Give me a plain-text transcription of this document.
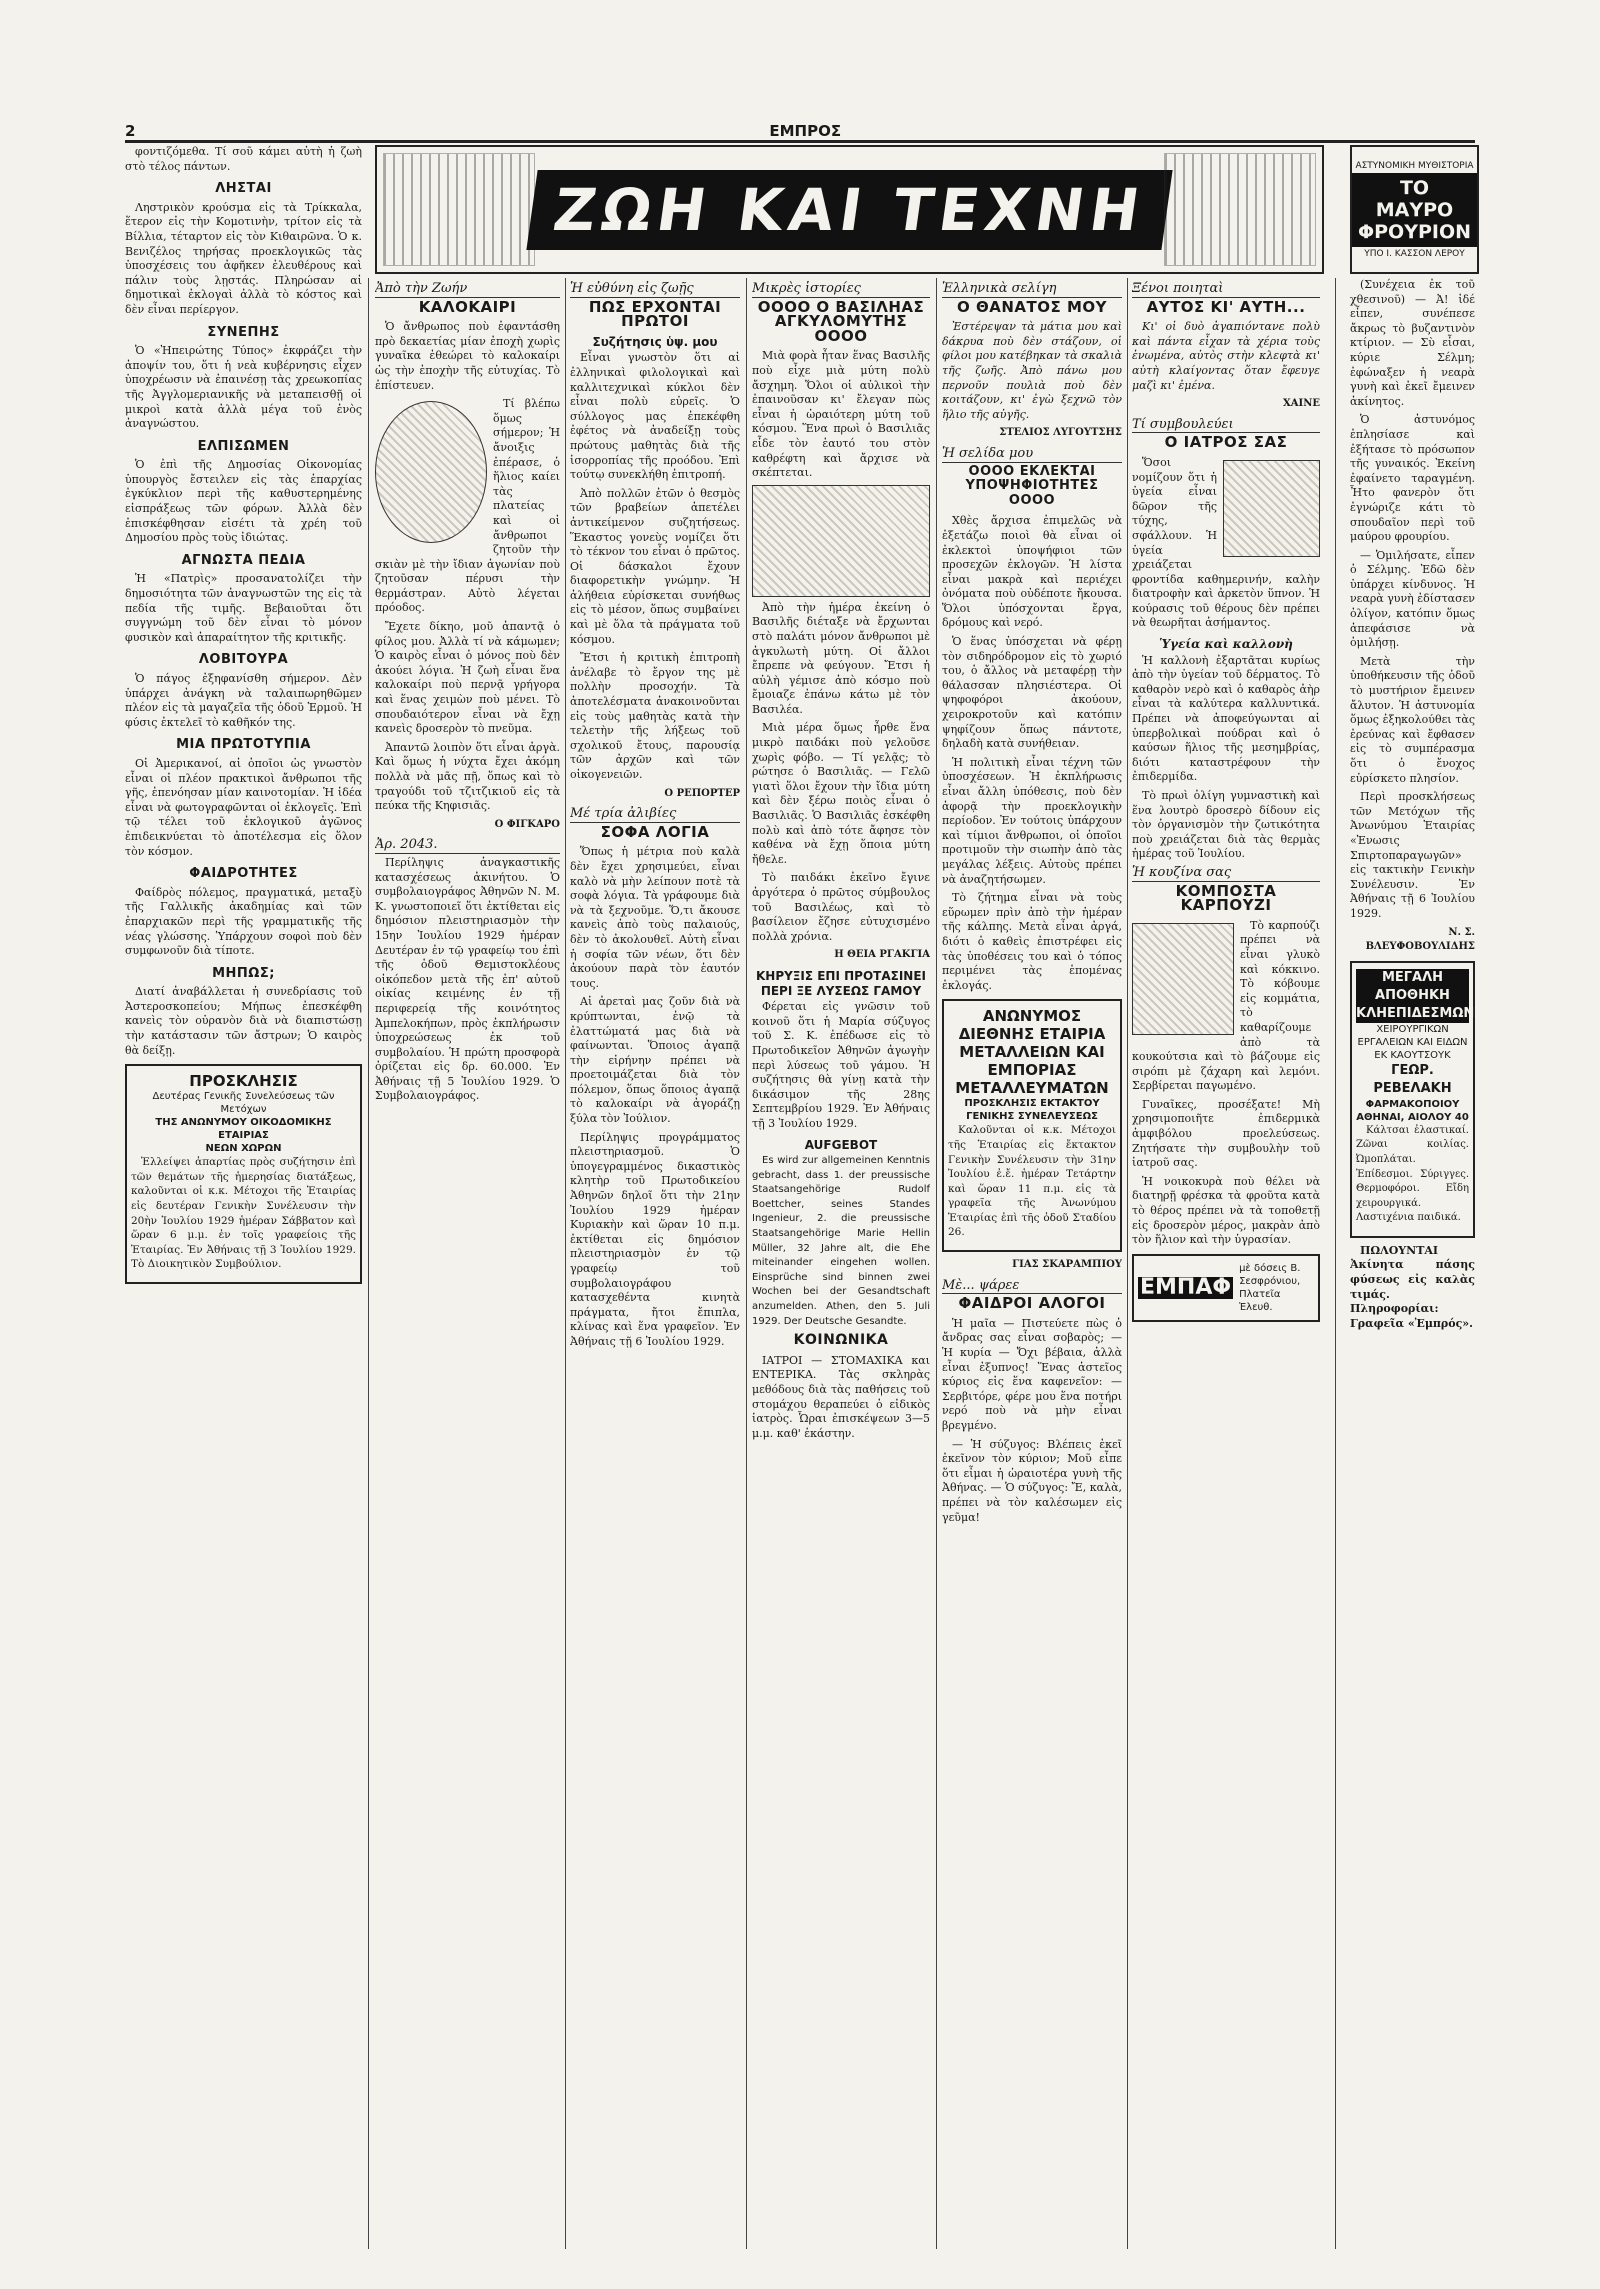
2	ΕΜΠΡΟΣ
ΖΩΗ ΚΑΙ ΤΕΧΝΗ
ΑΣΤΥΝΟΜΙΚΗ ΜΥΘΙΣΤΟΡΙΑ
ΤΟ ΜΑΥΡΟ ΦΡΟΥΡΙΟΝ
ΥΠΟ Ι. ΚΑΣΣΟΝ ΛΕΡΟΥ

φοντιζόμεθα. Τί σοῦ κάμει αὐτὴ ἡ ζωὴ στὸ τέλος πάντων.

ΛΗΣΤΑΙ

Ληστρικὸν κρούσμα εἰς τὰ Τρίκκαλα, ἕτερον εἰς τὴν Κομοτινὴν, τρίτον εἰς τὰ Βίλλια, τέταρτον εἰς τὸν Κιθαιρῶνα. Ὁ κ. Βενιζέλος τηρήσας προεκλογικῶς τὰς ὑποσχέσεις του ἀφῆκεν ἐλευθέρους καὶ πάλιν τοὺς λῃστάς. Πληρώσαν αἱ δημοτικαὶ ἐκλογαὶ ἀλλὰ τὸ κόστος καὶ δὲν εἶναι περίεργον.

ΣΥΝΕΠΗΣ

Ὁ «Ἠπειρώτης Τύπος» ἐκφράζει τὴν ἀποψίν του, ὅτι ἡ νεὰ κυβέρνησις εἶχεν ὑποχρέωσιν νὰ ἐπαινέσῃ τὰς χρεωκοπίας τῆς Ἀγγλομεριανικῆς νὰ μεταπεισθῇ οἱ μικροὶ κατὰ ἀλλὰ μέγα τοῦ ἐνὸς ἀναγνώστου.

ΕΛΠΙΣΩΜΕΝ

Ὁ ἐπὶ τῆς Δημοσίας Οἰκονομίας ὑπουργὸς ἔστειλεν εἰς τὰς ἐπαρχίας ἐγκύκλιον περὶ τῆς καθυστερημένης εἰσπράξεως τῶν φόρων. Ἀλλὰ δὲν ἐπισκέφθησαν εἰσέτι τὰ χρέη τοῦ Δημοσίου πρὸς τοὺς ἰδιώτας.

ΑΓΝΩΣΤΑ ΠΕΔΙΑ

Ἡ «Πατρὶς» προσανατολίζει τὴν δημοσιότητα τῶν ἀναγνωστῶν της εἰς τὰ πεδία τῆς τιμῆς. Βεβαιοῦται ὅτι συγγνώμη τοῦ δὲν εἶναι τὸ μόνον φυσικὸν καὶ ἀπαραίτητον τῆς κριτικῆς.

ΛΟΒΙΤΟΥΡΑ

Ὁ πάγος ἐξηφανίσθη σήμερον. Δὲν ὑπάρχει ἀνάγκη νὰ ταλαιπωρηθῶμεν πλέον εἰς τὰ μαγαζεῖα τῆς ὁδοῦ Ἑρμοῦ. Ἡ φύσις ἐκτελεῖ τὸ καθῆκόν της.

ΜΙΑ ΠΡΩΤΟΤΥΠΙΑ

Οἱ Ἀμερικανοί, αἱ ὁποῖοι ὡς γνωστὸν εἶναι οἱ πλέον πρακτικοὶ ἄνθρωποι τῆς γῆς, ἐπενόησαν μίαν καινοτομίαν. Ἡ ἰδέα εἶναι νὰ φωτογραφῶνται οἱ ἐκλογεῖς. Ἐπὶ τῷ τέλει τοῦ ἐκλογικοῦ ἀγῶνος ἐπιδεικνύεται τὸ ἀποτέλεσμα εἰς ὅλον τὸν κόσμον.

ΦΑΙΔΡΟΤΗΤΕΣ

Φαίδρὸς πόλεμος, πραγματικά, μεταξὺ τῆς Γαλλικῆς ἀκαδημίας καὶ τῶν ἐπαρχιακῶν περὶ τῆς γραμματικῆς τῆς νέας γλώσσης. Ὑπάρχουν σοφοὶ ποὺ δὲν συμφωνοῦν διὰ τίποτε.

ΜΗΠΩΣ;

Διατί ἀναβάλλεται ἡ συνεδρίασις τοῦ Ἀστεροσκοπείου; Μήπως ἐπεσκέφθη κανεὶς τὸν οὐρανὸν διὰ νὰ διαπιστώσῃ τὴν κατάστασιν τῶν ἄστρων; Ὁ καιρὸς θὰ δείξῃ.

ΠΡΟΣΚΛΗΣΙΣ
Δευτέρας Γενικῆς Συνελεύσεως τῶν Μετόχων
ΤΗΣ ΑΝΩΝΥΜΟΥ ΟΙΚΟΔΟΜΙΚΗΣ ΕΤΑΙΡΙΑΣ
ΝΕΩΝ ΧΩΡΩΝ

Ἐλλείψει ἀπαρτίας πρὸς συζήτησιν ἐπὶ τῶν θεμάτων τῆς ἡμερησίας διατάξεως, καλοῦνται οἱ κ.κ. Μέτοχοι τῆς Ἑταιρίας εἰς δευτέραν Γενικὴν Συνέλευσιν τὴν 20ὴν Ἰουλίου 1929 ἡμέραν Σάββατον καὶ ὥραν 6 μ.μ. ἐν τοῖς γραφείοις τῆς Ἑταιρίας. Ἐν Ἀθήναις τῇ 3 Ἰουλίου 1929. Τὸ Διοικητικὸν Συμβούλιον.

Ἀπὸ τὴν Ζωήν
ΚΑΛΟΚΑΙΡΙ

Ὁ ἄνθρωπος ποὺ ἐφαντάσθη πρὸ δεκαετίας μίαν ἐποχὴ χωρὶς γυναῖκα ἐθεώρει τὸ καλοκαίρι ὡς τὴν ἐποχὴν τῆς εὐτυχίας. Τὸ ἐπίστευεν.

Τί βλέπω ὅμως σήμερον; Ἡ ἄνοιξις ἐπέρασε, ὁ ἥλιος καίει τὰς πλατείας καὶ οἱ ἄνθρωποι ζητοῦν τὴν σκιὰν μὲ τὴν ἴδιαν ἀγωνίαν ποὺ ζητοῦσαν πέρυσι τὴν θερμάστραν. Αὐτὸ λέγεται πρόοδος.

Ἔχετε δίκηο, μοῦ ἀπαντᾷ ὁ φίλος μου. Ἀλλὰ τί νὰ κάμωμεν; Ὁ καιρὸς εἶναι ὁ μόνος ποὺ δὲν ἀκούει λόγια. Ἡ ζωὴ εἶναι ἕνα καλοκαίρι ποὺ περνᾷ γρήγορα καὶ ἕνας χειμὼν ποὺ μένει. Τὸ σπουδαιότερον εἶναι νὰ ἔχῃ κανεὶς δροσερὸν τὸ πνεῦμα.

Ἀπαντῶ λοιπὸν ὅτι εἶναι ἀργὰ. Καὶ ὅμως ἡ νύχτα ἔχει ἀκόμη πολλὰ νὰ μᾶς πῇ, ὅπως καὶ τὸ τραγούδι τοῦ τζιτζικιοῦ εἰς τὰ πεύκα τῆς Κηφισιᾶς.

Ο ΦΙΓΚΑΡΟ
Ἀρ. 2043.

Περίληψις ἀναγκαστικῆς κατασχέσεως ἀκινήτου. Ὁ συμβολαιογράφος Ἀθηνῶν Ν. Μ. Κ. γνωστοποιεῖ ὅτι ἐκτίθεται εἰς δημόσιον πλειστηριασμὸν τὴν 15ην Ἰουλίου 1929 ἡμέραν Δευτέραν ἐν τῷ γραφείῳ του ἐπὶ τῆς ὁδοῦ Θεμιστοκλέους οἰκόπεδον μετὰ τῆς ἐπ' αὐτοῦ οἰκίας κειμένης ἐν τῇ περιφερείᾳ τῆς κοινότητος Ἀμπελοκήπων, πρὸς ἐκπλήρωσιν ὑποχρεώσεως ἐκ τοῦ συμβολαίου. Ἡ πρώτη προσφορὰ ὁρίζεται εἰς δρ. 60.000. Ἐν Ἀθήναις τῇ 5 Ἰουλίου 1929. Ὁ Συμβολαιογράφος.

Ἡ εὐθύνη εἰς ζωῇς
ΠΩΣ ΕΡΧΟΝΤΑΙ ΠΡΩΤΟΙ
Συζήτησις ὑψ. μου

Εἶναι γνωστὸν ὅτι αἱ ἐλληνικαὶ φιλολογικαὶ καὶ καλλιτεχνικαὶ κύκλοι δὲν εἶναι πολὺ εὐρεῖς. Ὁ σύλλογος μας ἐπεκέφθη ἐφέτος νὰ ἀναδείξῃ τοὺς πρώτους μαθητὰς διὰ τῆς ἰσορροπίας τῆς προόδου. Ἐπὶ τούτῳ συνεκλήθη ἐπιτροπή.

Ἀπὸ πολλῶν ἐτῶν ὁ θεσμὸς τῶν βραβείων ἀπετέλει ἀντικείμενον συζητήσεως. Ἕκαστος γονεὺς νομίζει ὅτι τὸ τέκνον του εἶναι ὁ πρῶτος. Οἱ δάσκαλοι ἔχουν διαφορετικὴν γνώμην. Ἡ ἀλήθεια εὑρίσκεται συνήθως εἰς τὸ μέσον, ὅπως συμβαίνει καὶ μὲ ὅλα τὰ πράγματα τοῦ κόσμου.

Ἔτσι ἡ κριτικὴ ἐπιτροπὴ ἀνέλαβε τὸ ἔργον της μὲ πολλὴν προσοχήν. Τὰ ἀποτελέσματα ἀνακοινοῦνται εἰς τοὺς μαθητὰς κατὰ τὴν τελετὴν τῆς λήξεως τοῦ σχολικοῦ ἔτους, παρουσίᾳ τῶν ἀρχῶν καὶ τῶν οἰκογενειῶν.

Ο ΡΕΠΟΡΤΕΡ
Μέ τρία ἀλιβίες
ΣΟΦΑ ΛΟΓΙΑ

Ὅπως ἡ μέτρια ποὺ καλὰ δὲν ἔχει χρησιμεύει, εἶναι καλὸ νὰ μὴν λείπουν ποτὲ τὰ σοφὰ λόγια. Τὰ γράφουμε διὰ νὰ τὰ ξεχνοῦμε. Ὅ,τι ἄκουσε κανεὶς ἀπὸ τοὺς παλαιούς, δὲν τὸ ἀκολουθεῖ. Αὐτὴ εἶναι ἡ σοφία τῶν νέων, ὅτι δὲν ἀκούουν παρὰ τὸν ἑαυτόν τους.

Αἱ ἀρεταὶ μας ζοῦν διὰ νὰ κρύπτωνται, ἐνῷ τὰ ἐλαττώματά μας διὰ νὰ φαίνωνται. Ὅποιος ἀγαπᾷ τὴν εἰρήνην πρέπει νὰ προετοιμάζεται διὰ τὸν πόλεμον, ὅπως ὅποιος ἀγαπᾷ τὸ καλοκαίρι νὰ ἀγοράζῃ ξύλα τὸν Ἰούλιον.

Περίληψις προγράμματος πλειστηριασμοῦ. Ὁ ὑπογεγραμμένος δικαστικὸς κλητὴρ τοῦ Πρωτοδικείου Ἀθηνῶν δηλοῖ ὅτι τὴν 21ην Ἰουλίου 1929 ἡμέραν Κυριακὴν καὶ ὥραν 10 π.μ. ἐκτίθεται εἰς δημόσιον πλειστηριασμὸν ἐν τῷ γραφείῳ τοῦ συμβολαιογράφου κατασχεθέντα κινητὰ πράγματα, ἤτοι ἔπιπλα, κλίνας καὶ ἕνα γραφεῖον. Ἐν Ἀθήναις τῇ 6 Ἰουλίου 1929.

Μικρὲς ἱστορίες
ΟΟΟΟ Ο ΒΑΣΙΛΗΑΣ ΑΓΚΥΛΟΜΥΤΗΣ ΟΟΟΟ

Μιὰ φορὰ ἦταν ἕνας Βασιλῆς ποὺ εἶχε μιὰ μύτη πολὺ ἄσχημη. Ὅλοι οἱ αὐλικοὶ τὴν ἐπαινοῦσαν κι' ἔλεγαν πὼς εἶναι ἡ ὡραιότερη μύτη τοῦ κόσμου. Ἕνα πρωὶ ὁ Βασιλιᾶς εἶδε τὸν ἑαυτό του στὸν καθρέφτη καὶ ἄρχισε νὰ σκέπτεται.

Ἀπὸ τὴν ἡμέρα ἐκείνη ὁ Βασιλῆς διέταξε νὰ ἔρχωνται στὸ παλάτι μόνον ἄνθρωποι μὲ ἀγκυλωτὴ μύτη. Οἱ ἄλλοι ἔπρεπε νὰ φεύγουν. Ἔτσι ἡ αὐλὴ γέμισε ἀπὸ κόσμο ποὺ ἔμοιαζε ἐπάνω κάτω μὲ τὸν Βασιλέα.

Μιὰ μέρα ὅμως ἦρθε ἕνα μικρὸ παιδάκι ποὺ γελοῦσε χωρὶς φόβο. — Τί γελᾷς; τὸ ρώτησε ὁ Βασιλιᾶς. — Γελῶ γιατὶ ὅλοι ἔχουν τὴν ἴδια μύτη καὶ δὲν ξέρω ποιὸς εἶναι ὁ Βασιλιᾶς. Ὁ Βασιλιᾶς ἐσκέφθη πολὺ καὶ ἀπὸ τότε ἄφησε τὸν καθένα νὰ ἔχῃ ὅποια μύτη ἤθελε.

Τὸ παιδάκι ἐκεῖνο ἔγινε ἀργότερα ὁ πρῶτος σύμβουλος τοῦ Βασιλέως, καὶ τὸ βασίλειον ἔζησε εὐτυχισμένο πολλὰ χρόνια.

Η ΘΕΙΑ ΡΓΑΚΓΙΑ
ΚΗΡΥΞΙΣ ΕΠΙ ΠΡΟΤΑΣΙΝΕΙ ΠΕΡΙ ΞΕ ΛΥΣΕΩΣ ΓΑΜΟΥ

Φέρεται εἰς γνῶσιν τοῦ κοινοῦ ὅτι ἡ Μαρία σύζυγος τοῦ Σ. Κ. ἐπέδωσε εἰς τὸ Πρωτοδικεῖον Ἀθηνῶν ἀγωγὴν περὶ λύσεως τοῦ γάμου. Ἡ συζήτησις θὰ γίνῃ κατὰ τὴν δικάσιμον τῆς 28ης Σεπτεμβρίου 1929. Ἐν Ἀθήναις τῇ 3 Ἰουλίου 1929.

AUFGEBOT

Es wird zur allgemeinen Kenntnis gebracht, dass 1. der preussische Staatsangehörige Rudolf Boettcher, seines Standes Ingenieur, 2. die preussische Staatsangehörige Marie Hellin Müller, 32 Jahre alt, die Ehe miteinander eingehen wollen. Einsprüche sind binnen zwei Wochen bei der Gesandtschaft anzumelden. Athen, den 5. Juli 1929. Der Deutsche Gesandte.

ΚΟΙΝΩΝΙΚΑ

ΙΑΤΡΟΙ — ΣΤΟΜΑΧΙΚΑ και ΕΝΤΕΡΙΚΑ. Τὰς σκληρὰς μεθόδους διὰ τὰς παθήσεις τοῦ στομάχου θεραπεύει ὁ εἰδικὸς ἰατρὸς. Ὧραι ἐπισκέψεων 3—5 μ.μ. καθ' ἑκάστην.

Ἑλληνικὰ σελίγη
Ο ΘΑΝΑΤΟΣ ΜΟΥ

Ἐστέρεψαν τὰ μάτια μου καὶ δάκρυα ποὺ δὲν στάζουν, οἱ φίλοι μου κατέβηκαν τὰ σκαλιὰ τῆς ζωῆς. Ἀπὸ πάνω μου περνοῦν πουλιὰ ποὺ δὲν κοιτάζουν, κι' ἐγὼ ξεχνῶ τὸν ἥλιο τῆς αὐγῆς.

ΣΤΕΛΙΟΣ ΛΥΓΟΥΤΣΗΣ
Ἡ σελίδα μου
ΟΟΟΟ ΕΚΛΕΚΤΑΙ ΥΠΟΨΗΦΙΟΤΗΤΕΣ ΟΟΟΟ

Χθὲς ἄρχισα ἐπιμελῶς νὰ ἐξετάζω ποιοὶ θὰ εἶναι οἱ ἐκλεκτοὶ ὑποψήφιοι τῶν προσεχῶν ἐκλογῶν. Ἡ λίστα εἶναι μακρὰ καὶ περιέχει ὀνόματα ποὺ οὐδέποτε ἤκουσα. Ὅλοι ὑπόσχονται ἔργα, δρόμους καὶ νερό.

Ὁ ἕνας ὑπόσχεται νὰ φέρῃ τὸν σιδηρόδρομον εἰς τὸ χωριό του, ὁ ἄλλος νὰ μεταφέρῃ τὴν θάλασσαν πλησιέστερα. Οἱ ψηφοφόροι ἀκούουν, χειροκροτοῦν καὶ κατόπιν ψηφίζουν ὅπως πάντοτε, δηλαδὴ κατὰ συνήθειαν.

Ἡ πολιτικὴ εἶναι τέχνη τῶν ὑποσχέσεων. Ἡ ἐκπλήρωσις εἶναι ἄλλη ὑπόθεσις, ποὺ δὲν ἀφορᾷ τὴν προεκλογικὴν περίοδον. Ἐν τούτοις ὑπάρχουν καὶ τίμιοι ἄνθρωποι, οἱ ὁποῖοι προτιμοῦν τὴν σιωπὴν ἀπὸ τὰς μεγάλας λέξεις. Αὐτοὺς πρέπει νὰ ἀναζητήσωμεν.

Τὸ ζήτημα εἶναι νὰ τοὺς εὕρωμεν πρὶν ἀπὸ τὴν ἡμέραν τῆς κάλπης. Μετὰ εἶναι ἀργά, διότι ὁ καθεὶς ἐπιστρέφει εἰς τὰς ὑποθέσεις του καὶ ὁ τόπος περιμένει τὰς ἑπομένας ἐκλογάς.

ΑΝΩΝΥΜΟΣ ΔΙΕΘΝΗΣ ΕΤΑΙΡΙΑ ΜΕΤΑΛΛΕΙΩΝ ΚΑΙ ΕΜΠΟΡΙΑΣ ΜΕΤΑΛΛΕΥΜΑΤΩΝ
ΠΡΟΣΚΛΗΣΙΣ ΕΚΤΑΚΤΟΥ ΓΕΝΙΚΗΣ ΣΥΝΕΛΕΥΣΕΩΣ

Καλοῦνται οἱ κ.κ. Μέτοχοι τῆς Ἑταιρίας εἰς ἔκτακτον Γενικὴν Συνέλευσιν τὴν 31ην Ἰουλίου ἐ.ἔ. ἡμέραν Τετάρτην καὶ ὥραν 11 π.μ. εἰς τὰ γραφεῖα τῆς Ἀνωνύμου Ἑταιρίας ἐπὶ τῆς ὁδοῦ Σταδίου 26.

ΓΙΑΣ ΣΚΑΡΑΜΠΙΟΥ
Μὲ... ψάρεε
ΦΑΙΔΡΟΙ ΑΛΟΓΟΙ

Ἡ μαῖα — Πιστεύετε πὼς ὁ ἄνδρας σας εἶναι σοβαρὸς; — Ἡ κυρία — Ὄχι βέβαια, ἀλλὰ εἶναι ἐξυπνος! Ἕνας ἀστεῖος κύριος εἰς ἕνα καφενεῖον: — Σερβιτόρε, φέρε μου ἕνα ποτήρι νερό ποὺ νὰ μὴν εἶναι βρεγμένο.

— Ἡ σύζυγος: Βλέπεις ἐκεῖ ἐκεῖνον τὸν κύριον; Μοῦ εἶπε ὅτι εἶμαι ἡ ὡραιοτέρα γυνὴ τῆς Ἀθήνας. — Ὁ σύζυγος: Ἔ, καλὰ, πρέπει νὰ τὸν καλέσωμεν εἰς γεῦμα!

Ξένοι ποιηταὶ
ΑΥΤΟΣ ΚΙ' ΑΥΤΗ...

Κι' οἱ δυὸ ἀγαπιόντανε πολὺ καὶ πάντα εἶχαν τὰ χέρια τοὺς ἑνωμένα, αὐτὸς στὴν κλεφτὰ κι' αὐτὴ κλαίγοντας ὅταν ἔφευγε μαζὶ κι' ἐμένα.

ΧΑΙΝΕ
Τί συμβουλεύει
Ο ΙΑΤΡΟΣ ΣΑΣ

Ὅσοι νομίζουν ὅτι ἡ ὑγεία εἶναι δῶρον τῆς τύχης, σφάλλουν. Ἡ ὑγεία χρειάζεται φροντίδα καθημερινήν, καλὴν διατροφὴν καὶ ἀρκετὸν ὕπνον. Ἡ κούρασις τοῦ θέρους δὲν πρέπει νὰ θεωρῆται ἀσήμαντος.

Ὑγεία καὶ καλλονὴ

Ἡ καλλονὴ ἐξαρτᾶται κυρίως ἀπὸ τὴν ὑγείαν τοῦ δέρματος. Τὸ καθαρὸν νερὸ καὶ ὁ καθαρὸς ἀὴρ εἶναι τὰ καλύτερα καλλυντικά. Πρέπει νὰ ἀποφεύγωνται αἱ ὑπερβολικαὶ πούδραι καὶ ὁ καύσων ἥλιος τῆς μεσημβρίας, διότι καταστρέφουν τὴν ἐπιδερμίδα.

Τὸ πρωὶ ὀλίγη γυμναστικὴ καὶ ἕνα λουτρὸ δροσερὸ δίδουν εἰς τὸν ὀργανισμὸν τὴν ζωτικότητα ποὺ χρειάζεται διὰ τὰς θερμὰς ἡμέρας τοῦ Ἰουλίου.

Ἡ κουζίνα σας
ΚΟΜΠΟΣΤΑ ΚΑΡΠΟΥΖΙ

Τὸ καρπούζι πρέπει νὰ εἶναι γλυκὸ καὶ κόκκινο. Τὸ κόβουμε εἰς κομμάτια, τὸ καθαρίζουμε ἀπὸ τὰ κουκούτσια καὶ τὸ βάζουμε εἰς σιρόπι μὲ ζάχαρη καὶ λεμόνι. Σερβίρεται παγωμένο.

Γυναῖκες, προσέξατε! Μὴ χρησιμοποιῆτε ἐπιδερμικὰ ἀμφιβόλου προελεύσεως. Ζητήσατε τὴν συμβουλὴν τοῦ ἰατροῦ σας.

Ἡ νοικοκυρὰ ποὺ θέλει νὰ διατηρῇ φρέσκα τὰ φροῦτα κατὰ τὸ θέρος πρέπει νὰ τὰ τοποθετῇ εἰς δροσερὸν μέρος, μακρὰν ἀπὸ τὸν ἥλιον καὶ τὴν ὑγρασίαν.

ΕΜΠΑΦ
μὲ δόσεις Β. Σεσφρόνιου, Πλατεῖα Ἑλευθ.

(Συνέχεια ἐκ τοῦ χθεσινοῦ) — Ἀ! ἰδέ εἶπεν, συνέπεσε ἄκρως τὸ βυζαντινὸν κτίριον. — Σὺ εἶσαι, κύριε Σέλμη; ἐφώναξεν ἡ νεαρὰ γυνὴ καὶ ἐκεῖ ἔμεινεν ἀκίνητος.

Ὁ ἀστυνόμος ἐπλησίασε καὶ ἐξήτασε τὸ πρόσωπον τῆς γυναικός. Ἐκείνη ἐφαίνετο ταραγμένη. Ἦτο φανερὸν ὅτι ἐγνώριζε κάτι τὸ σπουδαῖον περὶ τοῦ μαύρου φρουρίου.

— Ὁμιλήσατε, εἶπεν ὁ Σέλμης. Ἐδῶ δὲν ὑπάρχει κίνδυνος. Ἡ νεαρὰ γυνὴ ἐδίστασεν ὀλίγον, κατόπιν ὅμως ἀπεφάσισε νὰ ὁμιλήσῃ.

Μετὰ τὴν ὑποθήκευσιν τῆς ὁδοῦ τὸ μυστήριον ἔμεινεν ἄλυτον. Ἡ ἀστυνομία ὅμως ἐξηκολούθει τὰς ἐρεύνας καὶ ἔφθασεν εἰς τὸ συμπέρασμα ὅτι ὁ ἔνοχος εὑρίσκετο πλησίον.

Περὶ προσκλήσεως τῶν Μετόχων τῆς Ἀνωνύμου Ἑταιρίας «Ἑνωσις Σπιρτοπαραγωγῶν» εἰς τακτικὴν Γενικὴν Συνέλευσιν. Ἐν Ἀθήναις τῇ 6 Ἰουλίου 1929.

Ν. Σ. ΒΛΕΥΦΟΒΟΥΛΙΔΗΣ
ΜΕΓΑΛΗ ΑΠΟΘΗΚΗ ΚΛΗΕΠΙΔΕΣΜΩΝ
ΧΕΙΡΟΥΡΓΙΚΩΝ ΕΡΓΑΛΕΙΩΝ ΚΑΙ ΕΙΔΩΝ ΕΚ ΚΑΟΥΤΣΟΥΚ
ΓΕΩΡ. ΡΕΒΕΛΑΚΗ
ΦΑΡΜΑΚΟΠΟΙΟΥ ΑΘΗΝΑΙ, ΑΙΟΛΟΥ 40

Κάλτσαι ἐλαστικαί. Ζῶναι κοιλίας. Ὠμοπλάται. Ἐπίδεσμοι. Σύριγγες. Θερμοφόροι. Εἴδη χειρουργικά. Λαστιχένια παιδικά.

ΠΩΛΟΥΝΤΑΙ Ἀκίνητα πάσης φύσεως εἰς καλὰς τιμάς. Πληροφορίαι: Γραφεῖα «Ἐμπρός».
